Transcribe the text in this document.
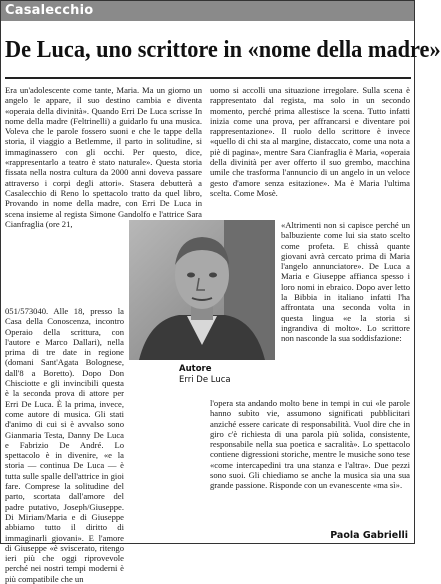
Casalecchio
De Luca, uno scrittore in «nome della madre»

Era un'adolescente come tante, Maria. Ma un giorno un angelo le appare, il suo destino cambia e diventa «operaia della divinità». Quando Erri De Luca scrisse In nome della madre (Feltrinelli) a guidarlo fu una musica. Voleva che le parole fossero suoni e che le tappe della storia, il viaggio a Betlemme, il parto in solitudine, si immaginassero con gli occhi. Per questo, dice, «rappresentarlo a teatro è stato naturale». Questa storia fissata nella nostra cultura da 2000 anni doveva passare attraverso i corpi degli attori». Stasera debutterà a Casalecchio di Reno lo spettacolo tratto da quel libro, Provando in nome della madre, con Erri De Luca in scena insieme al regista Simone Gandolfo e l'attrice Sara Cianfraglia (ore 21,

051/573040. Alle 18, presso la Casa della Conoscenza, incontro Operaio della scrittura, con l'autore e Marco Dallari), nella prima di tre date in regione (domani Sant'Agata Bolognese, dall'8 a Boretto). Dopo Don Chisciotte e gli invincibili questa è la seconda prova di attore per Erri De Luca. È la prima, invece, come autore di musica. Gli stati d'animo di cui si è avvalso sono Gianmaria Testa, Danny De Luca e Fabrizio De André. Lo spettacolo è in divenire, «e la storia — continua De Luca — è tutta sulle spalle dell'attrice in gioi fare. Comprese la solitudine del parto, scortata dall'amore del padre putativo, Joseph/Giuseppe. Di Miriam/Maria e di Giuseppe abbiamo tutto il diritto di immaginarli giovani». E l'amore di Giuseppe «è sviscerato, ritengo ieri più che oggi riprovevole perché nei nostri tempi moderni è più compatibile che un

uomo si accolli una situazione irregolare. Sulla scena è rappresentato dal regista, ma solo in un secondo momento, perché prima allestisce la scena. Tutto infatti inizia come una prova, per affrancarsi e diventare poi rappresentazione». Il ruolo dello scrittore è invece «quello di chi sta al margine, distaccato, come una nota a piè di pagina», mentre Sara Cianfraglia è Maria, «operaia della divinità per aver offerto il suo grembo, macchina umile che trasforma l'annuncio di un angelo in un veloce gesto d'amore senza esitazione». Ma è Maria l'ultima scelta. Come Mosè.

Autore
Erri De Luca

«Altrimenti non si capisce perché un balbuziente come lui sia stato scelto come profeta. E chissà quante giovani avrà cercato prima di Maria l'angelo annunciatore». De Luca a Maria e Giuseppe affianca spesso i loro nomi in ebraico. Dopo aver letto la Bibbia in italiano infatti l'ha affrontata una seconda volta in questa lingua «e la storia si ingrandiva di molto». Lo scrittore non nasconde la sua soddisfazione:

l'opera sta andando molto bene in tempi in cui «le parole hanno subìto vie, assumono significati pubblicitari anziché essere caricate di responsabilità. Vuol dire che in giro c'è richiesta di una parola più solida, consistente, responsabile nella sua poetica e sacralità». Lo spettacolo contiene digressioni storiche, mentre le musiche sono tese «come intercapedini tra una stanza e l'altra». Due pezzi sono suoi. Gli chiediamo se anche la musica sia una sua grande passione. Risponde con un evanescente «ma sì».

Paola Gabrielli
